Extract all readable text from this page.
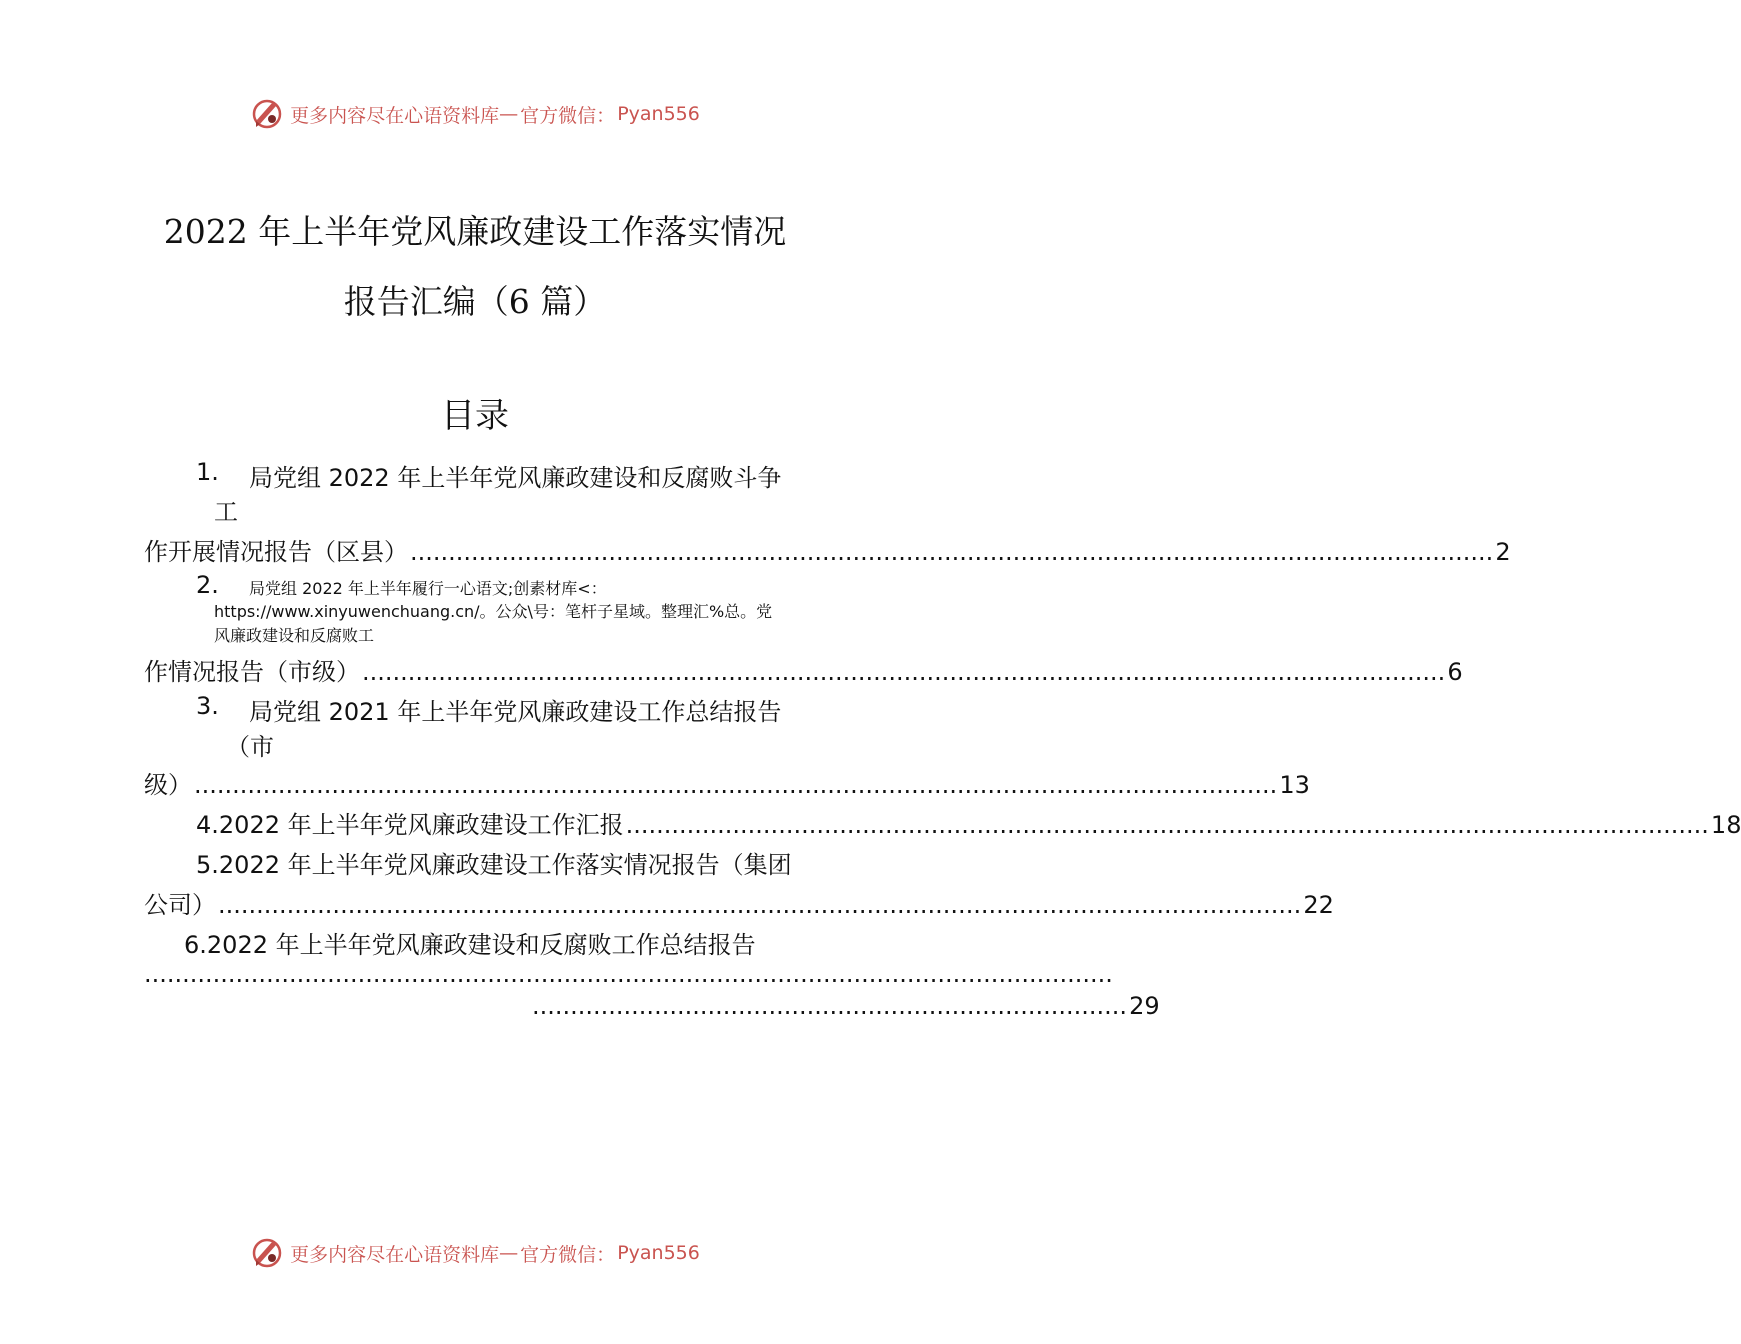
更多内容尽在心语资料库 — 官方微信： Pyan556
2022 年上半年党风廉政建设工作落实情况
报告汇编（6 篇）
目录
1. 局党组 2022 年上半年党风廉政建设和反腐败斗争
工
作开展情况报告（区县） .............................................................................................................................................. 2
2. 局党组 2022 年上半年履行一心语文;创素材库<：
https://www.xinyuwenchuang.cn/。公众\号：笔杆子星域。整理汇%总。党
风廉政建设和反腐败工
作情况报告（市级） .............................................................................................................................................. 6
3. 局党组 2021 年上半年党风廉政建设工作总结报告
（市
级） .............................................................................................................................................. 13
4.2022 年上半年党风廉政建设工作汇报 .............................................................................................................................................. 18
5.2022 年上半年党风廉政建设工作落实情况报告（集团
公司） .............................................................................................................................................. 22
6.2022 年上半年党风廉政建设和反腐败工作总结报告
...............................................................................................................................
.............................................................................. 29
更多内容尽在心语资料库 — 官方微信： Pyan556
